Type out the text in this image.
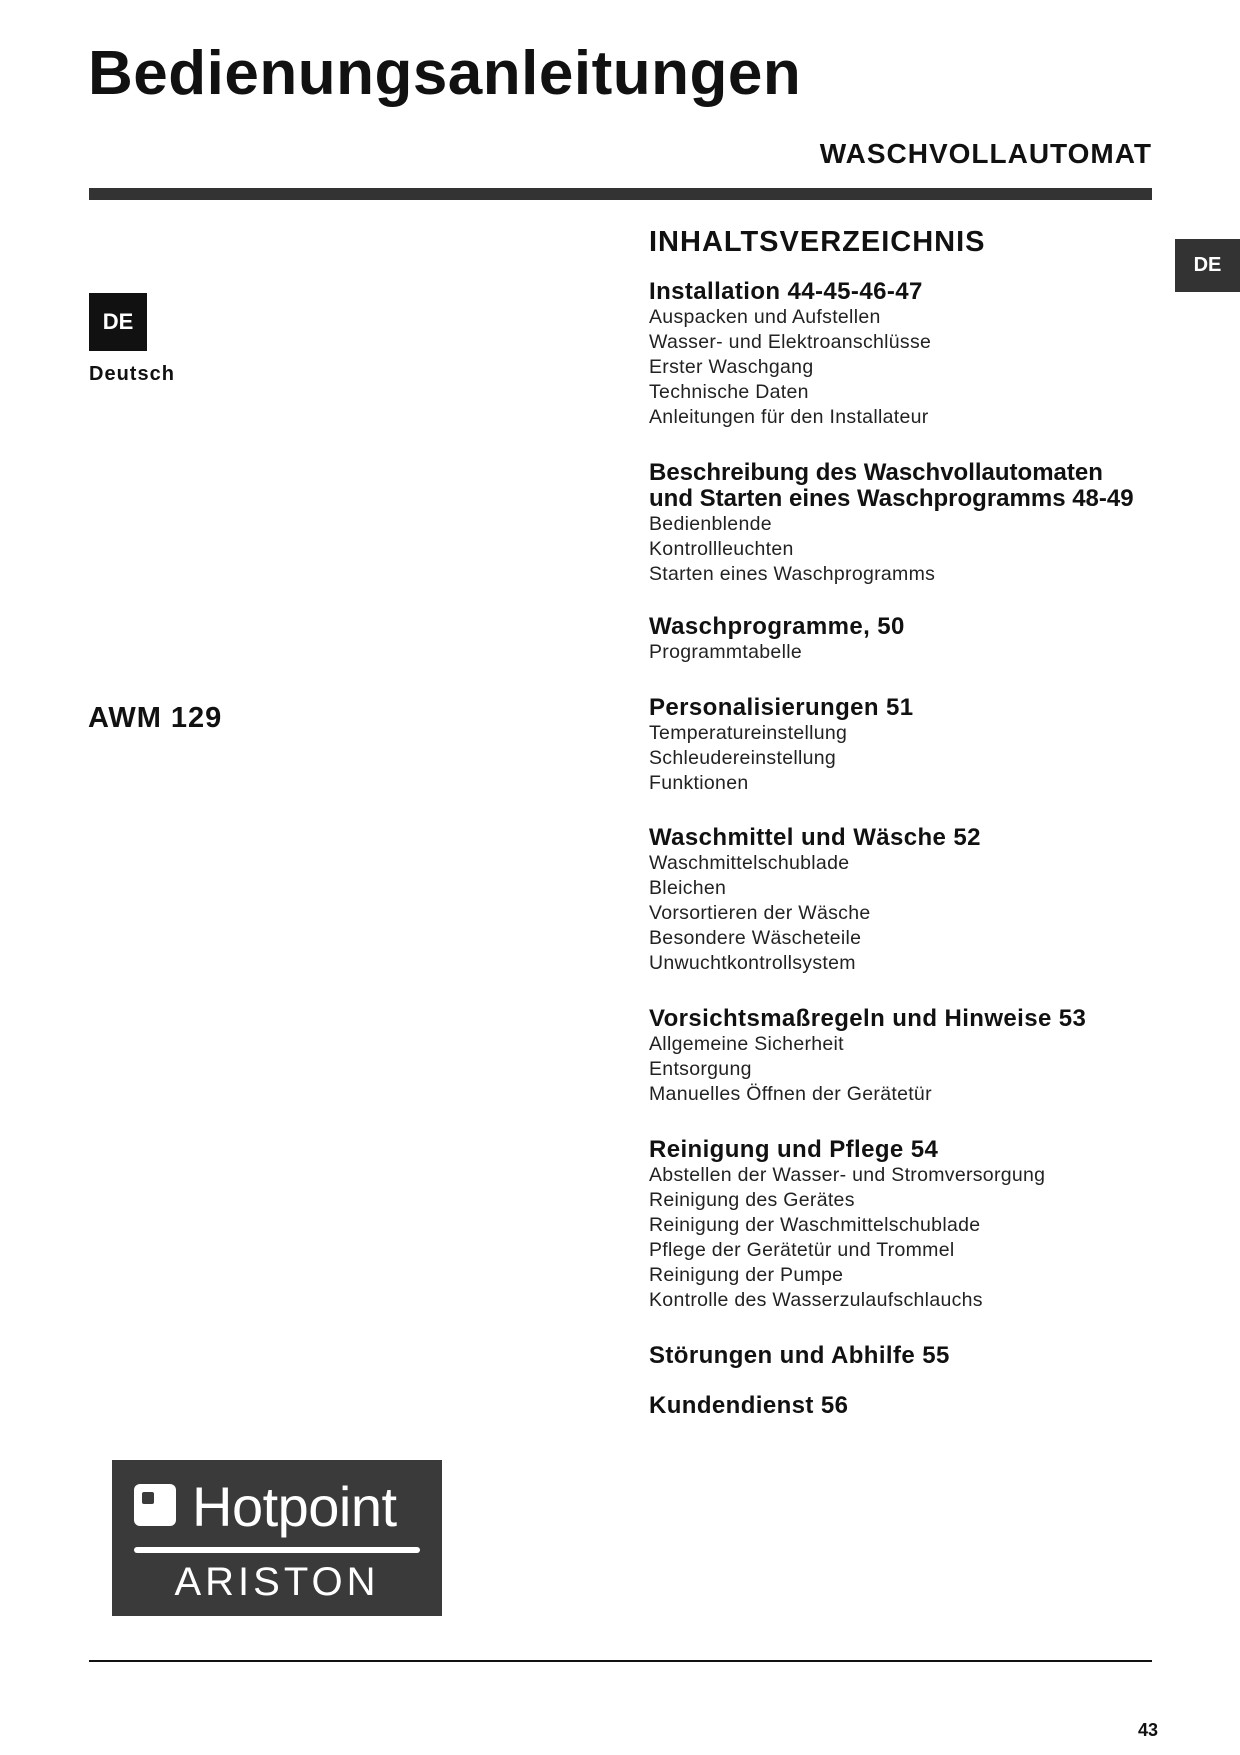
Bedienungsanleitungen
WASCHVOLLAUTOMAT
DE
DE
Deutsch
AWM 129
INHALTSVERZEICHNIS
Installation 44-45-46-47
Auspacken und Aufstellen
Wasser- und Elektroanschlüsse
Erster Waschgang
Technische Daten
Anleitungen für den Installateur
Beschreibung des Waschvollautomaten
und Starten eines Waschprogramms 48-49
Bedienblende
Kontrollleuchten
Starten eines Waschprogramms
Waschprogramme, 50
Programmtabelle
Personalisierungen 51
Temperatureinstellung
Schleudereinstellung
Funktionen
Waschmittel und Wäsche 52
Waschmittelschublade
Bleichen
Vorsortieren der Wäsche
Besondere Wäscheteile
Unwuchtkontrollsystem
Vorsichtsmaßregeln und Hinweise 53
Allgemeine Sicherheit
Entsorgung
Manuelles Öffnen der Gerätetür
Reinigung und Pflege 54
Abstellen der Wasser- und Stromversorgung
Reinigung des Gerätes
Reinigung der Waschmittelschublade
Pflege der Gerätetür und Trommel
Reinigung der Pumpe
Kontrolle des Wasserzulaufschlauchs
Störungen und Abhilfe 55
Kundendienst 56
Hotpoint
ARISTON
43
